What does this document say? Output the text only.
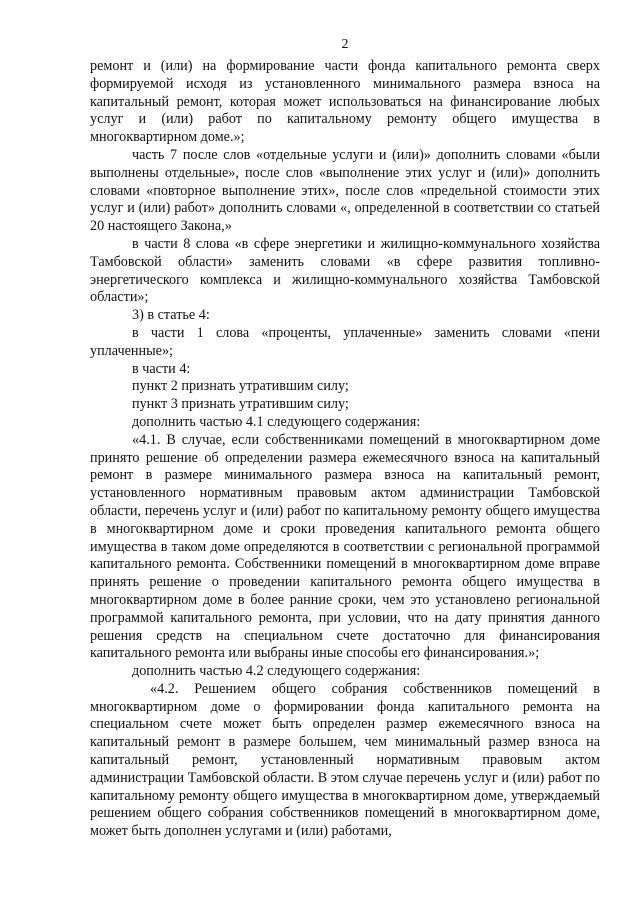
2

ремонт и (или) на формирование части фонда капитального ремонта сверх формируемой исходя из установленного минимального размера взноса на капитальный ремонт, которая может использоваться на финансирование любых услуг и (или) работ по капитальному ремонту общего имущества в многоквартирном доме.»;

часть 7 после слов «отдельные услуги и (или)» дополнить словами «были выполнены отдельные», после слов «выполнение этих услуг и (или)» дополнить словами «повторное выполнение этих», после слов «предельной стоимости этих услуг и (или) работ» дополнить словами «, определенной в соответствии со статьей 20 настоящего Закона,»

в части 8 слова «в сфере энергетики и жилищно-коммунального хозяйства Тамбовской области» заменить словами «в сфере развития топливно-энергетического комплекса и жилищно-коммунального хозяйства Тамбовской области»;

3) в статье 4:

в части 1 слова «проценты, уплаченные» заменить словами «пени уплаченные»;

в части 4:

пункт 2 признать утратившим силу;

пункт 3 признать утратившим силу;

дополнить частью 4.1 следующего содержания:

«4.1. В случае, если собственниками помещений в многоквартирном доме принято решение об определении размера ежемесячного взноса на капитальный ремонт в размере минимального размера взноса на капитальный ремонт, установленного нормативным правовым актом администрации Тамбовской области, перечень услуг и (или) работ по капитальному ремонту общего имущества в многоквартирном доме и сроки проведения капитального ремонта общего имущества в таком доме определяются в соответствии с региональной программой капитального ремонта. Собственники помещений в многоквартирном доме вправе принять решение о проведении капитального ремонта общего имущества в многоквартирном доме в более ранние сроки, чем это установлено региональной программой капитального ремонта, при условии, что на дату принятия данного решения средств на специальном счете достаточно для финансирования капитального ремонта или выбраны иные способы его финансирования.»;

дополнить частью 4.2 следующего содержания:

«4.2. Решением общего собрания собственников помещений в многоквартирном доме о формировании фонда капитального ремонта на специальном счете может быть определен размер ежемесячного взноса на капитальный ремонт в размере большем, чем минимальный размер взноса на капитальный ремонт, установленный нормативным правовым актом администрации Тамбовской области. В этом случае перечень услуг и (или) работ по капитальному ремонту общего имущества в многоквартирном доме, утверждаемый решением общего собрания собственников помещений в многоквартирном доме, может быть дополнен услугами и (или) работами,
